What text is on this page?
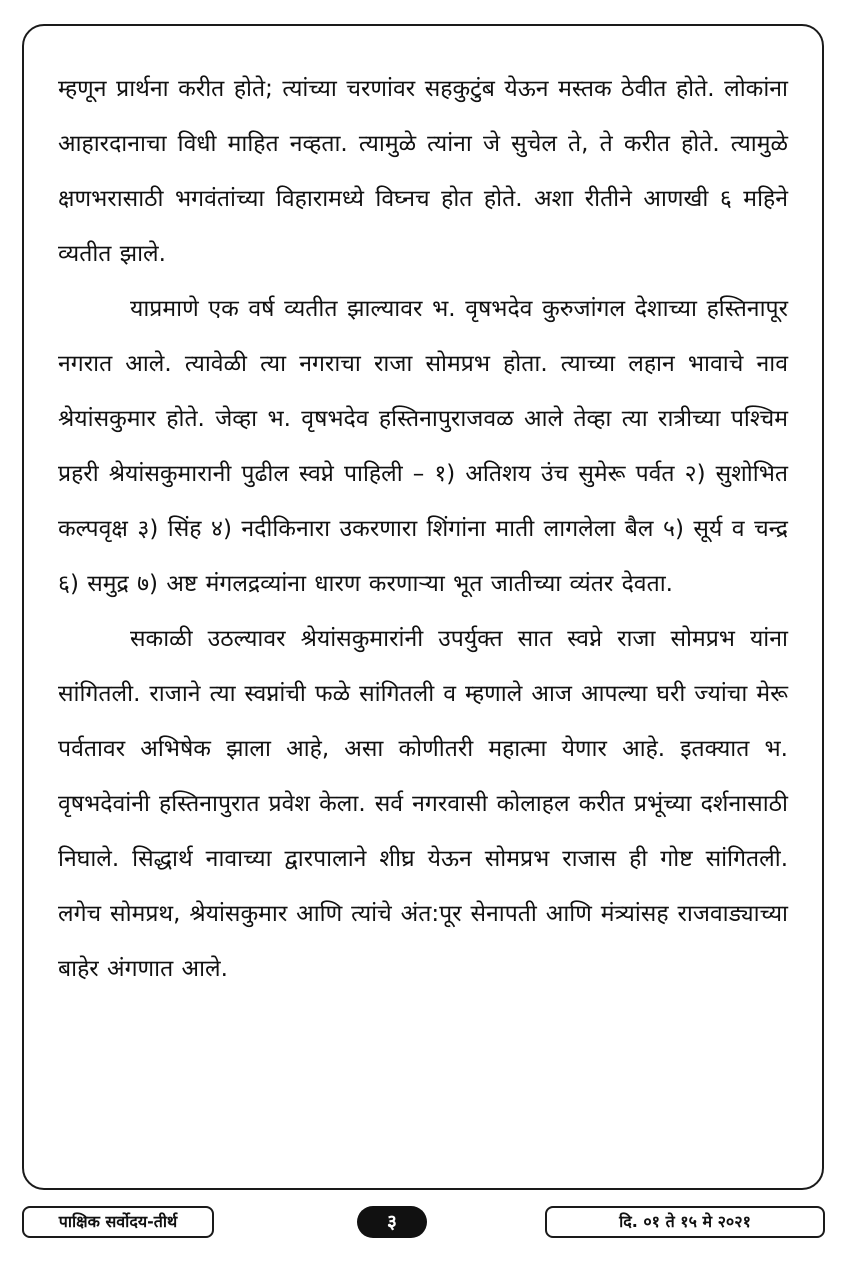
म्हणून प्रार्थना करीत होते; त्यांच्या चरणांवर सहकुटुंब येऊन मस्तक ठेवीत होते. लोकांना आहारदानाचा विधी माहित नव्हता. त्यामुळे त्यांना जे सुचेल ते, ते करीत होते. त्यामुळे क्षणभरासाठी भगवंतांच्या विहारामध्ये विघ्नच होत होते. अशा रीतीने आणखी ६ महिने व्यतीत झाले.

याप्रमाणे एक वर्ष व्यतीत झाल्यावर भ. वृषभदेव कुरुजांगल देशाच्या हस्तिनापूर नगरात आले. त्यावेळी त्या नगराचा राजा सोमप्रभ होता. त्याच्या लहान भावाचे नाव श्रेयांसकुमार होते. जेव्हा भ. वृषभदेव हस्तिनापुराजवळ आले तेव्हा त्या रात्रीच्या पश्चिम प्रहरी श्रेयांसकुमारानी पुढील स्वप्ने पाहिली – १) अतिशय उंच सुमेरू पर्वत २) सुशोभित कल्पवृक्ष ३) सिंह ४) नदीकिनारा उकरणारा शिंगांना माती लागलेला बैल ५) सूर्य व चन्द्र ६) समुद्र ७) अष्ट मंगलद्रव्यांना धारण करणाऱ्या भूत जातीच्या व्यंतर देवता.

सकाळी उठल्यावर श्रेयांसकुमारांनी उपर्युक्त सात स्वप्ने राजा सोमप्रभ यांना सांगितली. राजाने त्या स्वप्नांची फळे सांगितली व म्हणाले आज आपल्या घरी ज्यांचा मेरू पर्वतावर अभिषेक झाला आहे, असा कोणीतरी महात्मा येणार आहे. इतक्यात भ. वृषभदेवांनी हस्तिनापुरात प्रवेश केला. सर्व नगरवासी कोलाहल करीत प्रभूंच्या दर्शनासाठी निघाले. सिद्धार्थ नावाच्या द्वारपालाने शीघ्र येऊन सोमप्रभ राजास ही गोष्ट सांगितली. लगेच सोमप्रथ, श्रेयांसकुमार आणि त्यांचे अंत:पूर सेनापती आणि मंत्र्यांसह राजवाड्याच्या बाहेर अंगणात आले.

पाक्षिक सर्वोदय-तीर्थ	३	दि. ०१ ते १५ मे २०२१
